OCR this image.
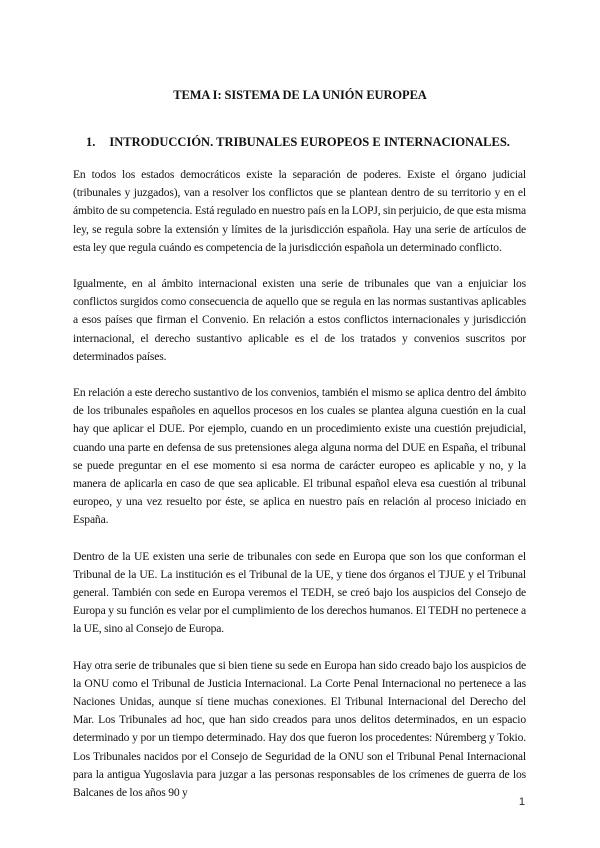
TEMA I: SISTEMA DE LA UNIÓN EUROPEA
1. INTRODUCCIÓN. TRIBUNALES EUROPEOS E INTERNACIONALES.

En todos los estados democráticos existe la separación de poderes. Existe el órgano judicial (tribunales y juzgados), van a resolver los conflictos que se plantean dentro de su territorio y en el ámbito de su competencia. Está regulado en nuestro país en la LOPJ, sin perjuicio, de que esta misma ley, se regula sobre la extensión y límites de la jurisdicción española. Hay una serie de artículos de esta ley que regula cuándo es competencia de la jurisdicción española un determinado conflicto.

Igualmente, en al ámbito internacional existen una serie de tribunales que van a enjuiciar los conflictos surgidos como consecuencia de aquello que se regula en las normas sustantivas aplicables a esos países que firman el Convenio. En relación a estos conflictos internacionales y jurisdicción internacional, el derecho sustantivo aplicable es el de los tratados y convenios suscritos por determinados países.

En relación a este derecho sustantivo de los convenios, también el mismo se aplica dentro del ámbito de los tribunales españoles en aquellos procesos en los cuales se plantea alguna cuestión en la cual hay que aplicar el DUE. Por ejemplo, cuando en un procedimiento existe una cuestión prejudicial, cuando una parte en defensa de sus pretensiones alega alguna norma del DUE en España, el tribunal se puede preguntar en el ese momento si esa norma de carácter europeo es aplicable y no, y la manera de aplicarla en caso de que sea aplicable. El tribunal español eleva esa cuestión al tribunal europeo, y una vez resuelto por éste, se aplica en nuestro país en relación al proceso iniciado en España.

Dentro de la UE existen una serie de tribunales con sede en Europa que son los que conforman el Tribunal de la UE. La institución es el Tribunal de la UE, y tiene dos órganos el TJUE y el Tribunal general. También con sede en Europa veremos el TEDH, se creó bajo los auspicios del Consejo de Europa y su función es velar por el cumplimiento de los derechos humanos. El TEDH no pertenece a la UE, sino al Consejo de Europa.

Hay otra serie de tribunales que si bien tiene su sede en Europa han sido creado bajo los auspicios de la ONU como el Tribunal de Justicia Internacional. La Corte Penal Internacional no pertenece a las Naciones Unidas, aunque sí tiene muchas conexiones. El Tribunal Internacional del Derecho del Mar. Los Tribunales ad hoc, que han sido creados para unos delitos determinados, en un espacio determinado y por un tiempo determinado. Hay dos que fueron los procedentes: Núremberg y Tokio. Los Tribunales nacidos por el Consejo de Seguridad de la ONU son el Tribunal Penal Internacional para la antigua Yugoslavia para juzgar a las personas responsables de los crímenes de guerra de los Balcanes de los años 90 y

1
